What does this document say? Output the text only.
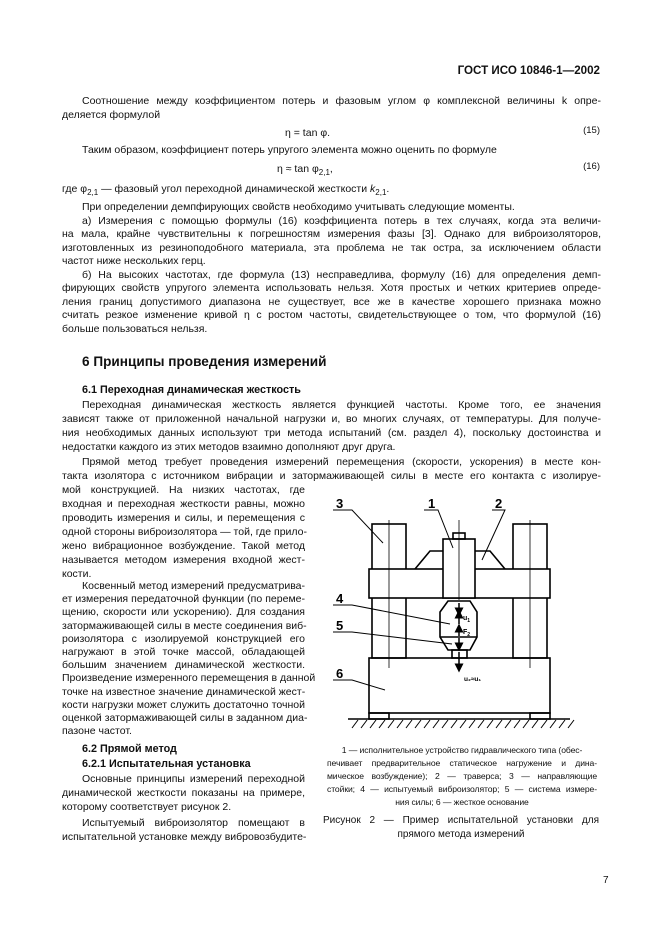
ГОСТ ИСО 10846-1—2002
Соотношение между коэффициентом потерь и фазовым углом φ комплексной величины k опре-
деляется формулой
η = tan φ.	(15)
Таким образом, коэффициент потерь упругого элемента можно оценить по формуле
$\eta \approx \tan \varphi_{2,1}$,	(16)
где $\varphi_{2,1}$ — фазовый угол переходной динамической жесткости $k_{2,1}$.
При определении демпфирующих свойств необходимо учитывать следующие моменты.
а) Измерения с помощью формулы (16) коэффициента потерь в тех случаях, когда эта величи-
на мала, крайне чувствительны к погрешностям измерения фазы [3]. Однако для виброизоляторов,
изготовленных из резиноподобного материала, эта проблема не так остра, за исключением области
частот ниже нескольких герц.
б) На высоких частотах, где формула (13) несправедлива, формулу (16) для определения демп-
фирующих свойств упругого элемента использовать нельзя. Хотя простых и четких критериев опреде-
ления границ допустимого диапазона не существует, все же в качестве хорошего признака можно
считать резкое изменение кривой η с ростом частоты, свидетельствующее о том, что формулой (16)
больше пользоваться нельзя.
6 Принципы проведения измерений
6.1 Переходная динамическая жесткость
Переходная динамическая жесткость является функцией частоты. Кроме того, ее значения
зависят также от приложенной начальной нагрузки и, во многих случаях, от температуры. Для получе-
ния необходимых данных используют три метода испытаний (см. раздел 4), поскольку достоинства и
недостатки каждого из этих методов взаимно дополняют друг друга.
Прямой метод требует проведения измерений перемещения (скорости, ускорения) в месте кон-
такта изолятора с источником вибрации и затормаживающей силы в месте его контакта с изолируе-
мой конструкцией. На низких частотах, где
входная и переходная жесткости равны, можно
проводить измерения и силы, и перемещения с
одной стороны виброизолятора — той, где прило-
жено вибрационное возбуждение. Такой метод
называется методом измерения входной жест-
кости.
Косвенный метод измерений предусматрива-
ет измерения передаточной функции (по переме-
щению, скорости или ускорению). Для создания
затормаживающей силы в месте соединения виб-
роизолятора с изолируемой конструкцией его
нагружают в этой точке массой, обладающей
большим значением динамической жесткости.
Произведение измеренного перемещения в данной
точке на известное значение динамической жест-
кости нагрузки может служить достаточно точной
оценкой затормаживающей силы в заданном диа-
пазоне частот.
6.2 Прямой метод
6.2.1 Испытательная установка
Основные принципы измерений переходной
динамической жесткости показаны на примере,
которому соответствует рисунок 2.
Испытуемый виброизолятор помещают в
испытательной установке между вибровозбудите-
1	2
3
4
5
6
$u_1$
$F_2$
u₂≈u₁
1 — исполнительное устройство гидравлического типа (обес-
печивает предварительное статическое нагружение и дина-
мическое возбуждение); 2 — траверса; 3 — направляющие
стойки; 4 — испытуемый виброизолятор; 5 — система измере-
ния силы; 6 — жесткое основание
Рисунок 2 — Пример испытательной установки для
прямого метода измерений
7
